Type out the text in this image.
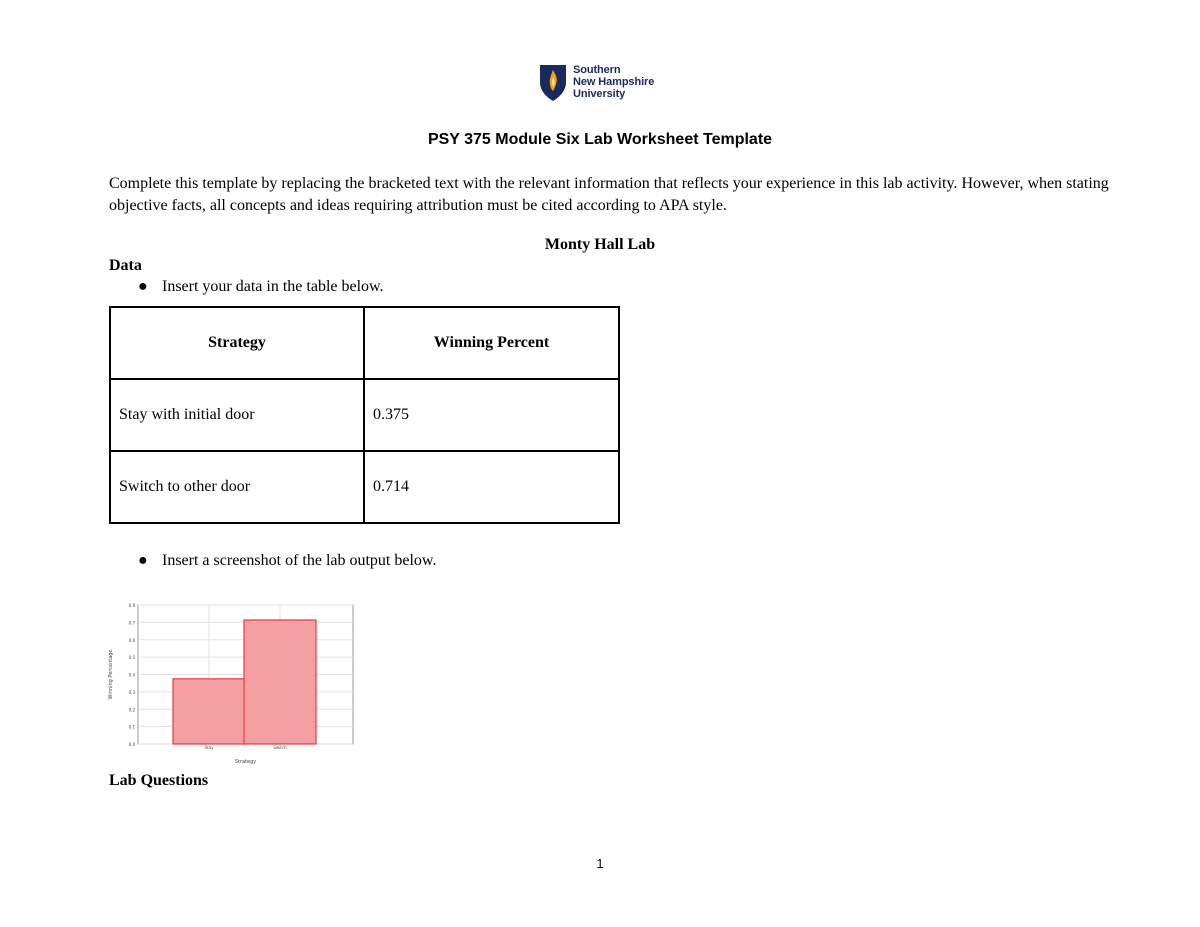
Southern
New Hampshire
University
PSY 375 Module Six Lab Worksheet Template
Complete this template by replacing the bracketed text with the relevant information that reflects your experience in this lab activity. However, when stating objective facts, all concepts and ideas requiring attribution must be cited according to APA style.
Monty Hall Lab
Data
● Insert your data in the table below.
Strategy	Winning Percent
Stay with initial door	0.375
Switch to other door	0.714
● Insert a screenshot of the lab output below.
0.0
0.1
0.2
0.3
0.4
0.5
0.6
0.7
0.8
Stay	Switch
Strategy
Winning Percentage
Lab Questions
1
